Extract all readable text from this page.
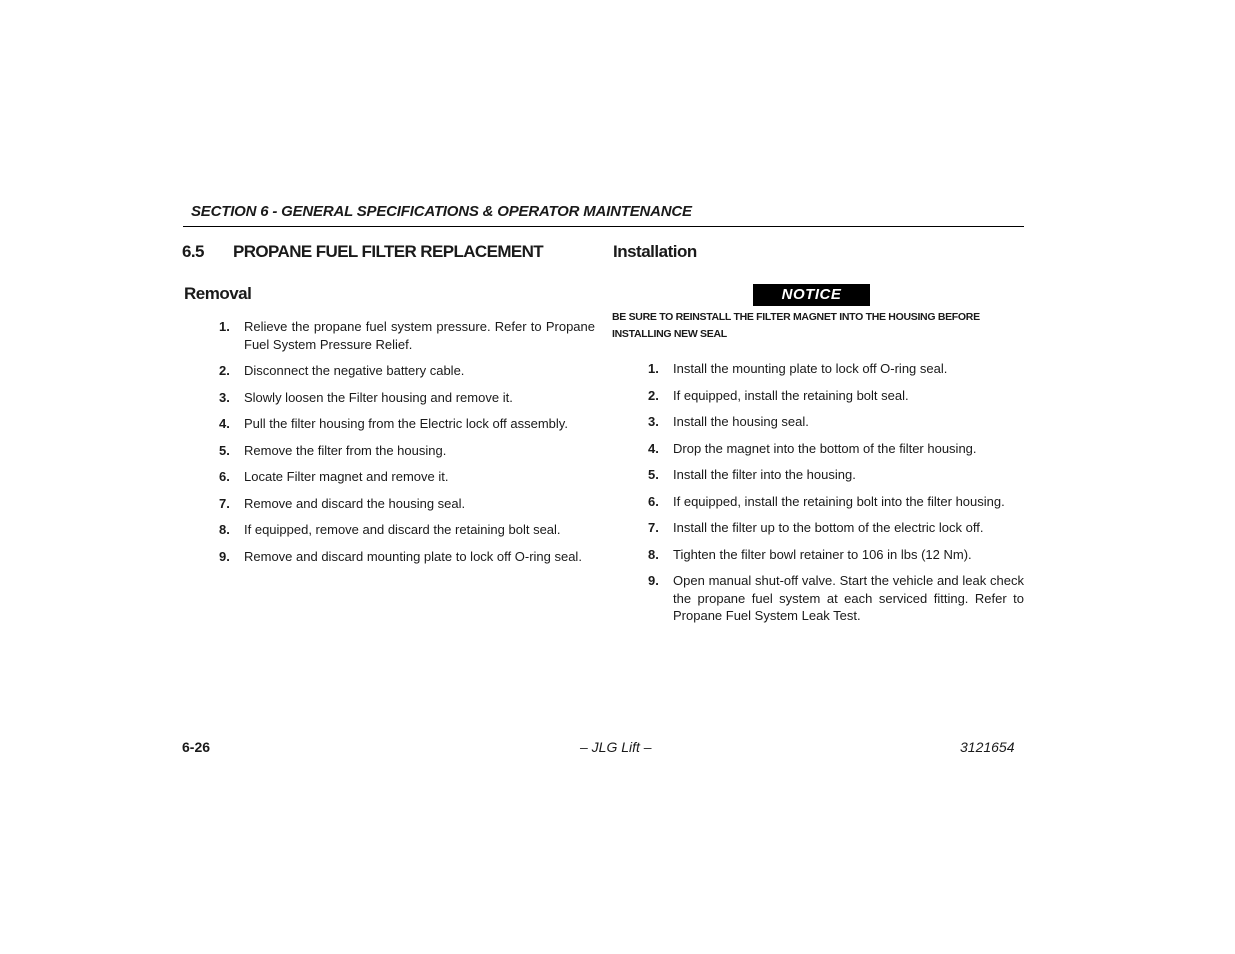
SECTION 6 - GENERAL SPECIFICATIONS & OPERATOR MAINTENANCE
6.5 PROPANE FUEL FILTER REPLACEMENT
Removal
1. Relieve the propane fuel system pressure. Refer to Propane Fuel System Pressure Relief.
2. Disconnect the negative battery cable.
3. Slowly loosen the Filter housing and remove it.
4. Pull the filter housing from the Electric lock off assembly.
5. Remove the filter from the housing.
6. Locate Filter magnet and remove it.
7. Remove and discard the housing seal.
8. If equipped, remove and discard the retaining bolt seal.
9. Remove and discard mounting plate to lock off O-ring seal.
Installation
NOTICE
BE SURE TO REINSTALL THE FILTER MAGNET INTO THE HOUSING BEFORE INSTALLING NEW SEAL
1. Install the mounting plate to lock off O-ring seal.
2. If equipped, install the retaining bolt seal.
3. Install the housing seal.
4. Drop the magnet into the bottom of the filter housing.
5. Install the filter into the housing.
6. If equipped, install the retaining bolt into the filter housing.
7. Install the filter up to the bottom of the electric lock off.
8. Tighten the filter bowl retainer to 106 in lbs (12 Nm).
9. Open manual shut-off valve. Start the vehicle and leak check the propane fuel system at each serviced fitting. Refer to Propane Fuel System Leak Test.
6-26	– JLG Lift –	3121654
